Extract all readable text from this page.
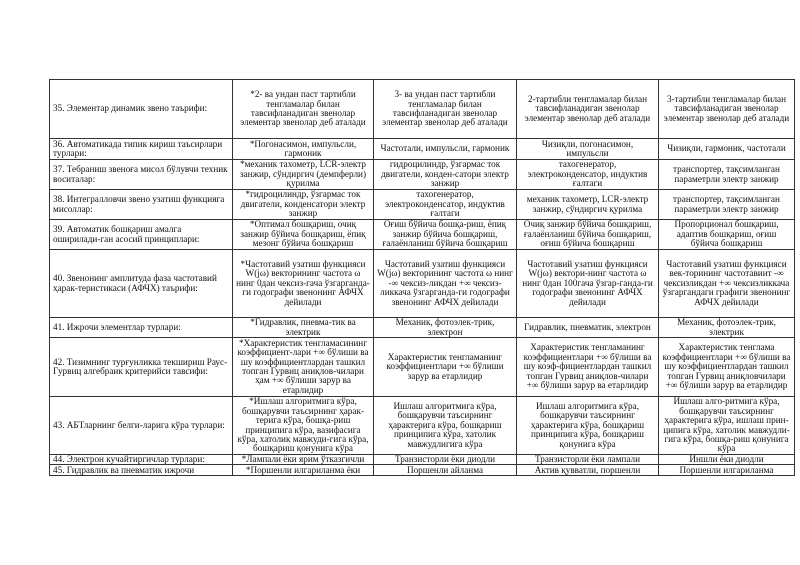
35. Элементар динамик звено таърифи:	*2- ва ундан паст тартибли тенгламалар билан тавсифланадиган звенолар элементар звенолар деб аталади	3- ва ундан паст тартибли тенгламалар билан тавсифланадиган звенолар элементар звенолар деб аталади	2-тартибли тенгламалар билан тавсифланадиган звенолар элементар звенолар деб аталади	3-тартибли тенгламалар билан тавсифланадиган звенолар элементар звенолар деб аталади
36. Автоматикада типик кириш таъсирлари турлари:	*Погонасимон, импульсли, гармоник	Частотали, импульсли, гармоник	Чизиқли, погонасимон, импульсли	Чизиқли, гармоник, частотали
37. Тебраниш звеноға мисол бўлувчи техник воситалар:	*механик тахометр, LCR-электр занжир, сўндиргич (демпферли) қурилма	гидроцилиндр, ўзгармас ток двигатели, конден-сатори электр занжир	тахогенератор, электроконденсатор, индуктив ғалтаги	транспортер, тақсимланган параметрли электр занжир
38. Интегралловчи звено узатиш функцияга мисоллар:	*гидроцилиндр, ўзгармас ток двигатели, конденсатори электр занжир	тахогенератор, электроконденсатор, индуктив ғалтаги	механик тахометр, LCR-электр занжир, сўндиргич қурилма	транспортер, тақсимланган параметрли электр занжир
39. Автоматик бошқариш амалга оширилади-ган асосий принциплари:	*Оптимал бошқариш, очиқ занжир бўйича бошқариш, ёпиқ мезонг бўйича бошқариш	Оғиш бўйича бошқа-риш, ёпиқ занжир бўйича бошқариш, ғалаёнланиш бўйича бошқариш	Очиқ занжир бўйича бошқариш, ғалаёнланиш бўйича бошқариш, оғиш бўйича бошқариш	Пропорционал бошқариш, адаптив бошқариш, оғиш бўйича бошқариш
40. Звенонинг амплитуда фаза частотавий ҳарак-теристикаси (АФЧХ) таърифи:	*Частотавий узатиш функцияси W(jω) векторининг частота ω нинг 0дан чексиз-гача ўзгарганда-ги годографи звенонинг АФЧХ дейилади	Частотавий узатиш функцияси W(jω) векторининг частота ω нинг -∞ чексиз-ликдан +∞ чексиз-ликкача ўзгарганда-ги годографи звенонинг АФЧХ дейилади	Частотавий узатиш функцияси W(jω) вектори-нинг частота ω нинг 0дан 100гача ўзгар-ганда-ги годографи звенонинг АФЧХ дейилади	Частотавий узатиш функцияси век-торининг частотавиит -∞ чексизликдан +∞ чексизликкача ўзгаргандаги графиги звенонинг АФЧХ дейилади
41. Ижрочи элементлар турлари:	*Гидравлик, пневма-тик ва электрик	Механик, фотоэлек-трик, электрон	Гидравлик, пневматик, электрон	Механик, фотоэлек-трик, электрик
42. Тизимнинг турғунликка текшириш Раус-Гурвиц алгебраик критерийси тавсифи:	*Характеристик тенгламасининг коэффициент-лари +∞ бўлиши ва шу коэффициентлардан ташкил топган Гурвиц аниқлов-чилари ҳам +∞ бўлиши зарур ва етарлидир	Характеристик тенгламанинг коэффициентлари +∞ бўлиши зарур ва етарлидир	Характеристик тенгламанинг коэффициентлари +∞ бўлиши ва шу коэф-фициентлардан ташкил топган Гурвиц аниқлов-чилари +∞ бўлиши зарур ва етарлидир	Характеристик тенглама коэффициентлари +∞ бўлиши ва шу коэффициентлардан ташкил топган Гурвиц аниқловчилари +∞ бўлиши зарур ва етарлидир
43. АБТларнинг белги-ларига кўра турлари:	*Ишлаш алгоритмига кўра, бошқарувчи таъсирнинг ҳарак-терига кўра, бошқа-риш принципига кўра, вазифасига кўра, хатолик мавжуди-гига кўра, бошқариш қонунига кўра	Ишлаш алгоритмига кўра, бошқарувчи таъсирнинг ҳарактерига кўра, бошқариш принципига кўра, хатолик мавжудлигига кўра	Ишлаш алгоритмига кўра, бошқарувчи таъсирнинг ҳарактерига кўра, бошқариш принципига кўра, бошқариш қонунига кўра	Ишлаш алго-ритмига кўра, бошқарувчи таъсирнинг ҳарактерига кўра, ишлаш прин-ципига кўра, хатолик мавжудли-гига кўра, бошқа-риш қонунига кўра
44. Электрон кучайтиргичлар турлари:	*Лампали ёки ярим ўтказгичли	Транзисторли ёки диодли	Транзисторли ёки лампали	Иншли ёки диодли
45. Гидравлик ва пневматик ижрочи	*Поршенли илгариланма ёки	Поршенли айланма	Актив қувватли, поршенли	Поршенли илгариланма
